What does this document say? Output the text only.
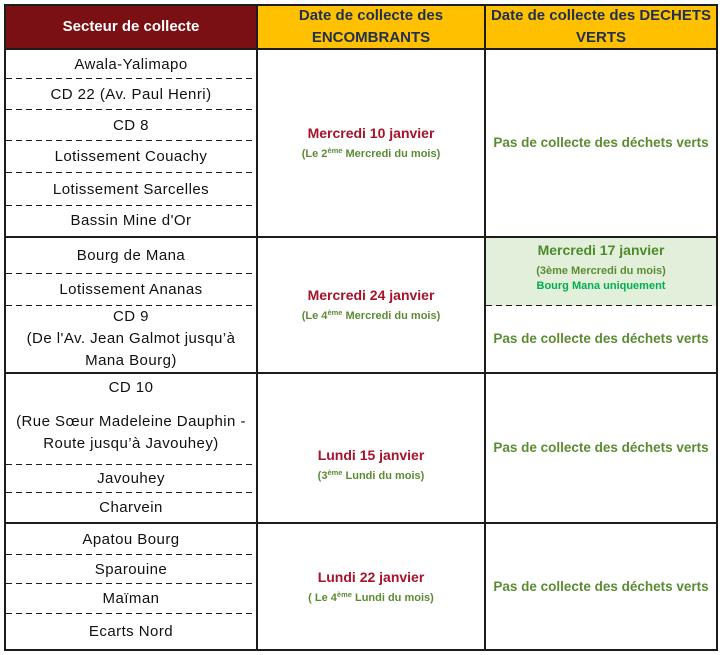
Secteur de collecte
Date de collecte des
ENCOMBRANTS
Date de collecte des DECHETS
VERTS
Awala-Yalimapo
CD 22 (Av. Paul Henri)
CD 8
Lotissement Couachy
Lotissement Sarcelles
Bassin Mine d'Or
Mercredi 10 janvier
(Le 2ème Mercredi du mois)
Pas de collecte des déchets verts
Bourg de Mana
Lotissement Ananas
CD 9
(De l'Av. Jean Galmot jusqu’à
Mana Bourg)
Mercredi 24 janvier
(Le 4ème Mercredi du mois)
Mercredi 17 janvier
(3ème Mercredi du mois)
Bourg Mana uniquement
Pas de collecte des déchets verts
CD 10
(Rue Sœur Madeleine Dauphin -
Route jusqu’à Javouhey)
Javouhey
Charvein
Lundi 15 janvier
(3ème Lundi du mois)
Pas de collecte des déchets verts
Apatou Bourg
Sparouine
Maïman
Ecarts Nord
Lundi 22 janvier
( Le 4ème Lundi du mois)
Pas de collecte des déchets verts
